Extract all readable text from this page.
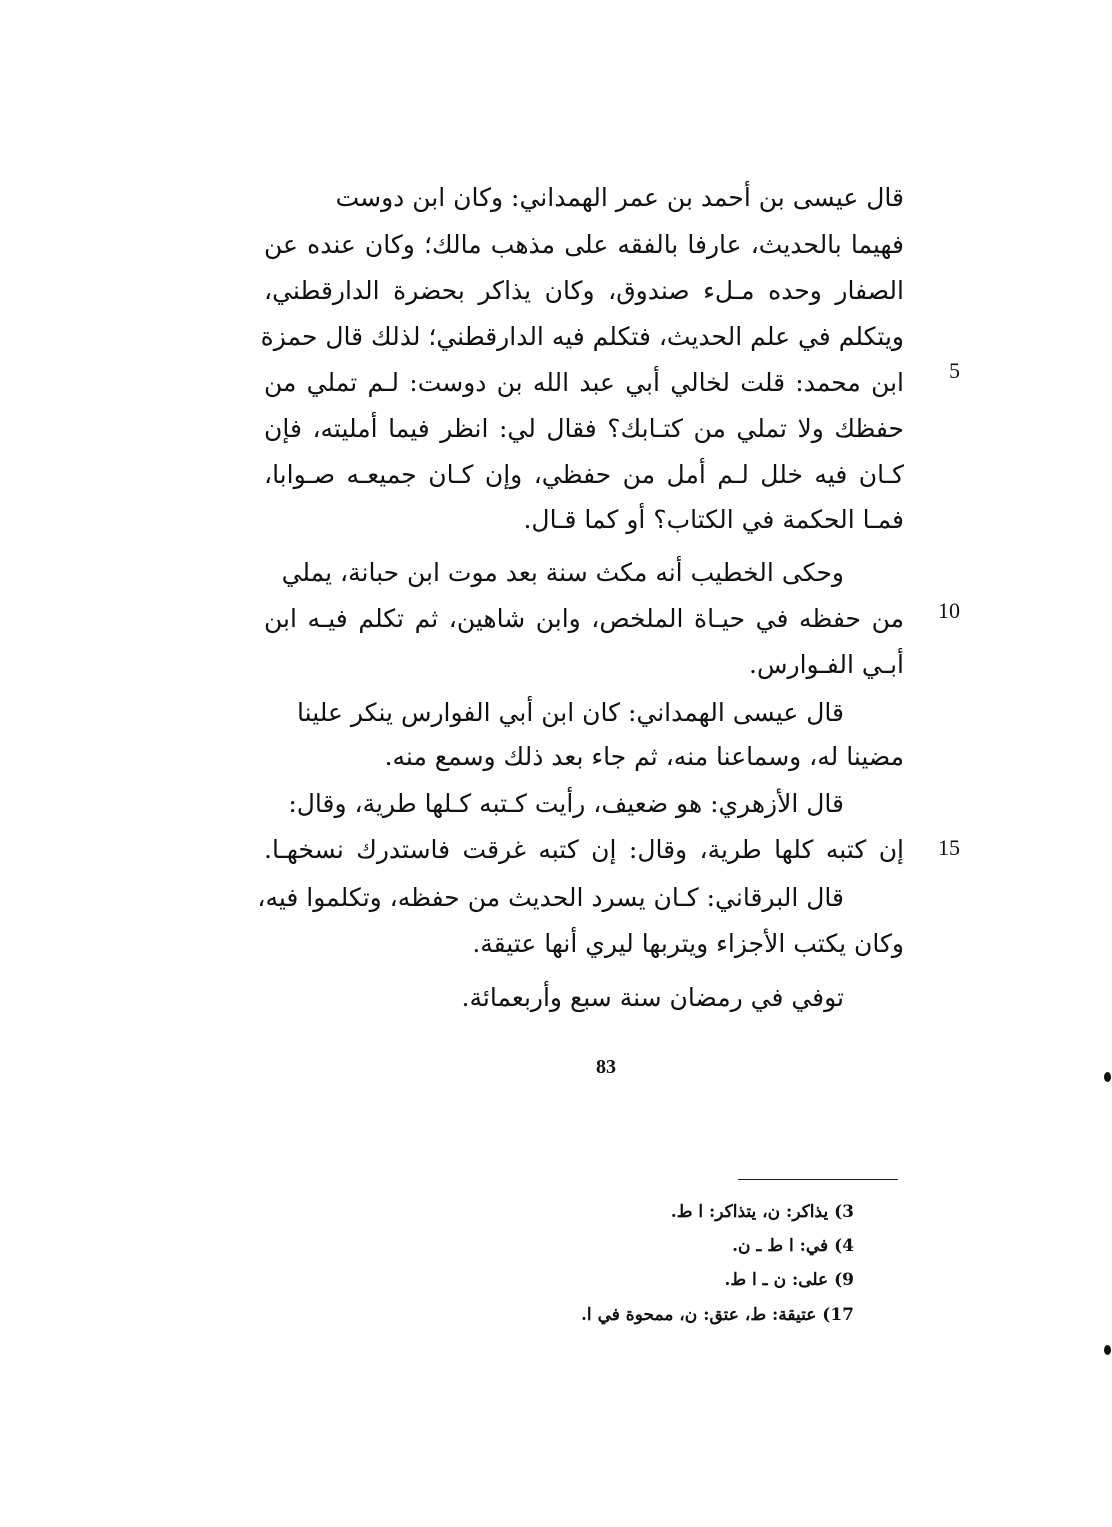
قال عيسى بن أحمد بن عمر الهمداني: وكان ابن دوست
فهيما بالحديث، عارفا بالفقه على مذهب مالك؛ وكان عنده عن
الصفار وحده مـلء صندوق، وكان يذاكر بحضرة الدارقطني،
ويتكلم في علم الحديث، فتكلم فيه الدارقطني؛ لذلك قال حمزة
ابن محمد: قلت لخالي أبي عبد الله بن دوست: لـم تملي من
حفظك ولا تملي من كتـابك؟ فقال لي: انظر فيما أمليته، فإن
كـان فيه خلل لـم أمل من حفظي، وإن كـان جميعـه صـوابا،
فمـا الحكمة في الكتاب؟ أو كما قـال.
وحكى الخطيب أنه مكث سنة بعد موت ابن حبانة، يملي
من حفظه في حيـاة الملخص، وابن شاهين، ثم تكلم فيـه ابن
أبـي الفـوارس.
قال عيسى الهمداني: كان ابن أبي الفوارس ينكر علينا
مضينا له، وسماعنا منه، ثم جاء بعد ذلك وسمع منه.
قال الأزهري: هو ضعيف، رأيت كـتبه كـلها طرية، وقال:
إن كتبه كلها طرية، وقال: إن كتبه غرقت فاستدرك نسخهـا.
قال البرقاني: كـان يسرد الحديث من حفظه، وتكلموا فيه،
وكان يكتب الأجزاء ويتربها ليري أنها عتيقة.
توفي في رمضان سنة سبع وأربعمائة.
5
10
15
3) يذاكر: ن، يتذاكر: ا ط.
4) في: ا ط ـ ن.
9) على: ن ـ ا ط.
17) عتيقة: ط، عتق: ن، ممحوة في ا.
83
